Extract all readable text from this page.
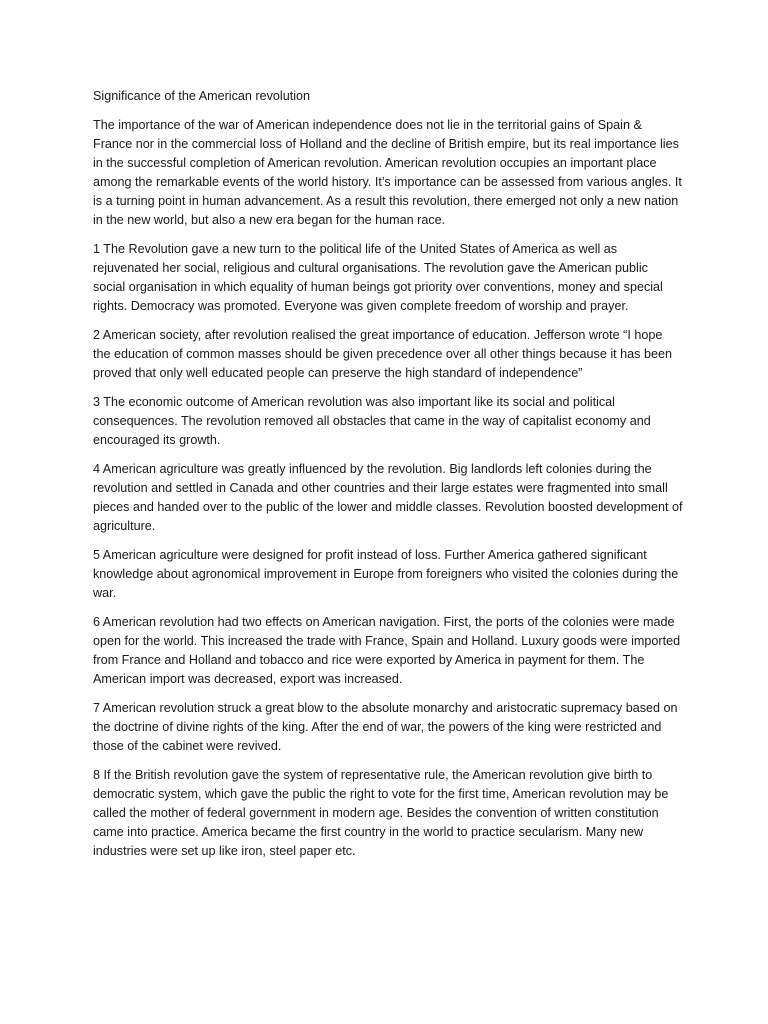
Significance of the American revolution

The importance of the war of American independence does not lie in the territorial gains of Spain & France nor in the commercial loss of Holland and the decline of British empire, but its real importance lies in the successful completion of American revolution. American revolution occupies an important place among the remarkable events of the world history. It’s importance can be assessed from various angles. It is a turning point in human advancement. As a result this revolution, there emerged not only a new nation in the new world, but also a new era began for the human race.

1 The Revolution gave a new turn to the political life of the United States of America as well as rejuvenated her social, religious and cultural organisations. The revolution gave the American public social organisation in which equality of human beings got priority over conventions, money and special rights. Democracy was promoted. Everyone was given complete freedom of worship and prayer.

2 American society, after revolution realised the great importance of education. Jefferson wrote “I hope the education of common masses should be given precedence over all other things because it has been proved that only well educated people can preserve the high standard of independence”

3 The economic outcome of American revolution was also important like its social and political consequences. The revolution removed all obstacles that came in the way of capitalist economy and encouraged its growth.

4 American agriculture was greatly influenced by the revolution. Big landlords left colonies during the revolution and settled in Canada and other countries and their large estates were fragmented into small pieces and handed over to the public of the lower and middle classes. Revolution boosted development of agriculture.

5 American agriculture were designed for profit instead of loss. Further America gathered significant knowledge about agronomical improvement in Europe from foreigners who visited the colonies during the war.

6 American revolution had two effects on American navigation. First, the ports of the colonies were made open for the world. This increased the trade with France, Spain and Holland. Luxury goods were imported from France and Holland and tobacco and rice were exported by America in payment for them. The American import was decreased, export was increased.

7 American revolution struck a great blow to the absolute monarchy and aristocratic supremacy based on the doctrine of divine rights of the king. After the end of war, the powers of the king were restricted and those of the cabinet were revived.

8 If the British revolution gave the system of representative rule, the American revolution give birth to democratic system, which gave the public the right to vote for the first time, American revolution may be called the mother of federal government in modern age. Besides the convention of written constitution came into practice. America became the first country in the world to practice secularism. Many new industries were set up like iron, steel paper etc.
